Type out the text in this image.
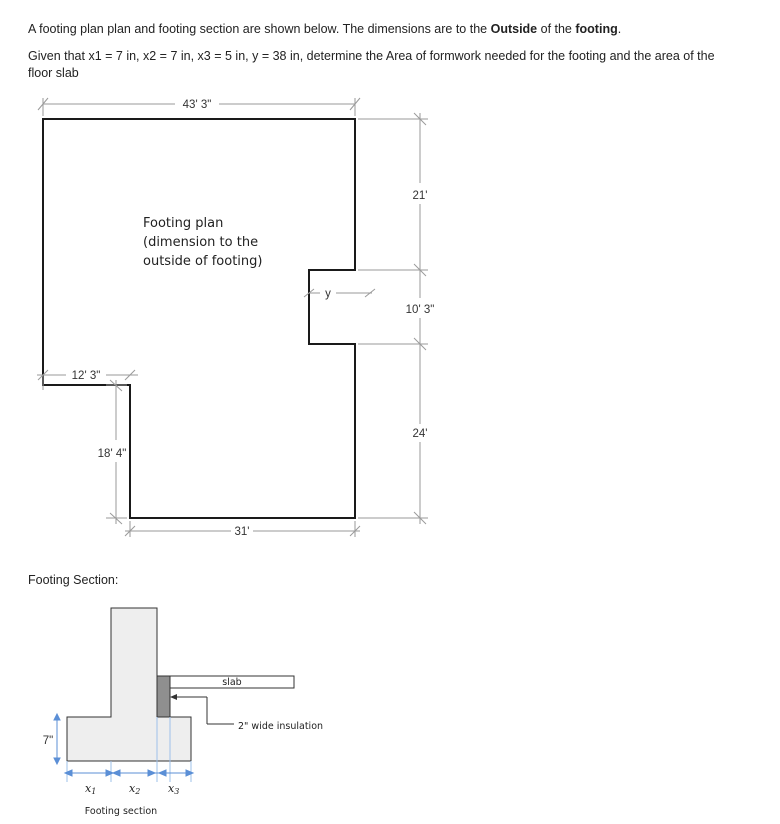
A footing plan plan and footing section are shown below. The dimensions are to the Outside of the footing.
Given that x1 = 7 in, x2 = 7 in, x3 = 5 in, y = 38 in, determine the Area of formwork needed for the footing and the area of the floor slab
Footing Section:
43' 3"
21'
10' 3"
24'
y
12' 3"
18' 4"
31'
Footing plan
(dimension to the
outside of footing)
slab
2" wide insulation
7"
x1	x2	x3
Footing section
